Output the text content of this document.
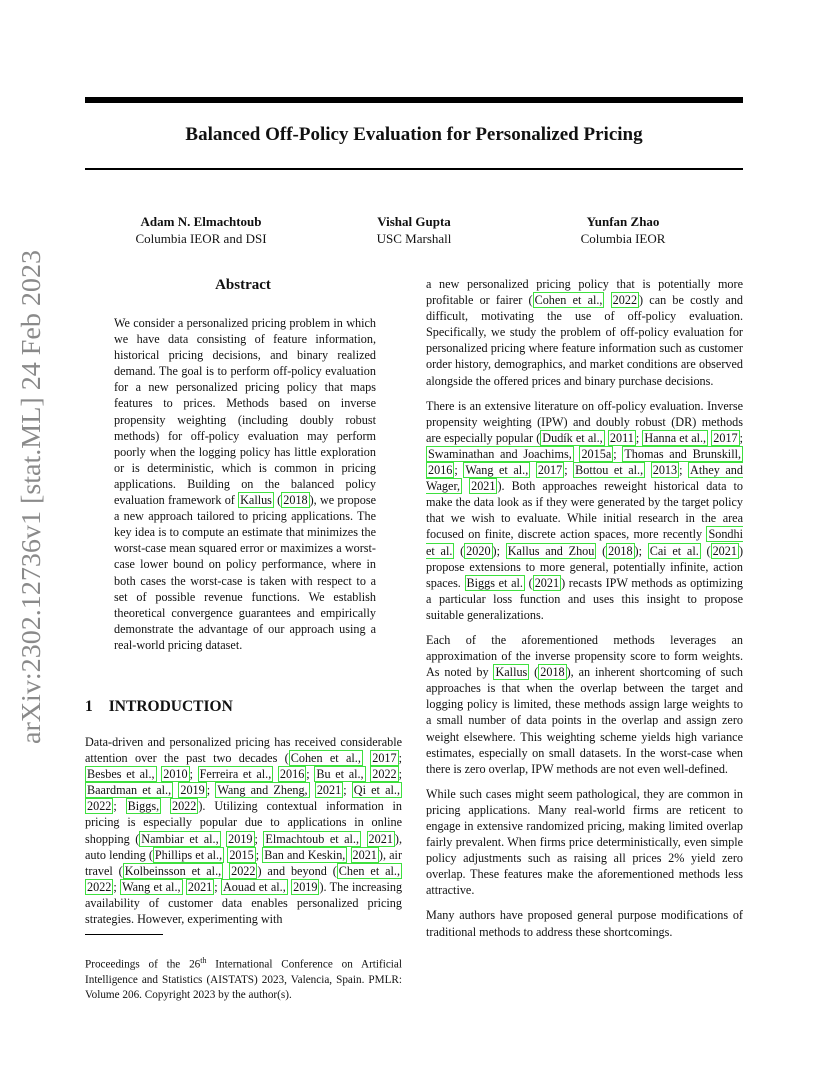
arXiv:2302.12736v1 [stat.ML] 24 Feb 2023
Balanced Off-Policy Evaluation for Personalized Pricing
Adam N. Elmachtoub
Columbia IEOR and DSI
Vishal Gupta
USC Marshall
Yunfan Zhao
Columbia IEOR
Abstract

We consider a personalized pricing problem in which we have data consisting of feature information, historical pricing decisions, and binary realized demand. The goal is to perform off-policy evaluation for a new personalized pricing policy that maps features to prices. Methods based on inverse propensity weighting (including doubly robust methods) for off-policy evaluation may perform poorly when the logging policy has little exploration or is deterministic, which is common in pricing applications. Building on the balanced policy evaluation framework of Kallus ( 2018 ), we propose a new approach tailored to pricing applications. The key idea is to compute an estimate that minimizes the worst-case mean squared error or maximizes a worst-case lower bound on policy performance, where in both cases the worst-case is taken with respect to a set of possible revenue functions. We establish theoretical convergence guarantees and empirically demonstrate the advantage of our approach using a real-world pricing dataset.

1 INTRODUCTION

Data-driven and personalized pricing has received considerable attention over the past two decades ( Cohen et al., 2017 ; Besbes et al., 2010 ; Ferreira et al., 2016 ; Bu et al., 2022 ; Baardman et al., 2019 ; Wang and Zheng, 2021 ; Qi et al., 2022 ; Biggs, 2022 ). Utilizing contextual information in pricing is especially popular due to applications in online shopping ( Nambiar et al., 2019 ; Elmachtoub et al., 2021 ), auto lending ( Phillips et al., 2015 ; Ban and Keskin, 2021 ), air travel ( Kolbeinsson et al., 2022 ) and beyond ( Chen et al., 2022 ; Wang et al., 2021 ; Aouad et al., 2019 ). The increasing availability of customer data enables personalized pricing strategies. However, experimenting with

Proceedings of the 26th International Conference on Artificial Intelligence and Statistics (AISTATS) 2023, Valencia, Spain. PMLR: Volume 206. Copyright 2023 by the author(s).

a new personalized pricing policy that is potentially more profitable or fairer ( Cohen et al., 2022 ) can be costly and difficult, motivating the use of off-policy evaluation. Specifically, we study the problem of off-policy evaluation for personalized pricing where feature information such as customer order history, demographics, and market conditions are observed alongside the offered prices and binary purchase decisions.

There is an extensive literature on off-policy evaluation. Inverse propensity weighting (IPW) and doubly robust (DR) methods are especially popular ( Dudík et al., 2011 ; Hanna et al., 2017 ; Swaminathan and Joachims, 2015a ; Thomas and Brunskill, 2016 ; Wang et al., 2017 ; Bottou et al., 2013 ; Athey and Wager, 2021 ). Both approaches reweight historical data to make the data look as if they were generated by the target policy that we wish to evaluate. While initial research in the area focused on finite, discrete action spaces, more recently Sondhi et al. ( 2020 ); Kallus and Zhou ( 2018 ); Cai et al. ( 2021 ) propose extensions to more general, potentially infinite, action spaces. Biggs et al. ( 2021 ) recasts IPW methods as optimizing a particular loss function and uses this insight to propose suitable generalizations.

Each of the aforementioned methods leverages an approximation of the inverse propensity score to form weights. As noted by Kallus ( 2018 ), an inherent shortcoming of such approaches is that when the overlap between the target and logging policy is limited, these methods assign large weights to a small number of data points in the overlap and assign zero weight elsewhere. This weighting scheme yields high variance estimates, especially on small datasets. In the worst-case when there is zero overlap, IPW methods are not even well-defined.

While such cases might seem pathological, they are common in pricing applications. Many real-world firms are reticent to engage in extensive randomized pricing, making limited overlap fairly prevalent. When firms price deterministically, even simple policy adjustments such as raising all prices 2% yield zero overlap. These features make the aforementioned methods less attractive.

Many authors have proposed general purpose modifications of traditional methods to address these shortcomings.
